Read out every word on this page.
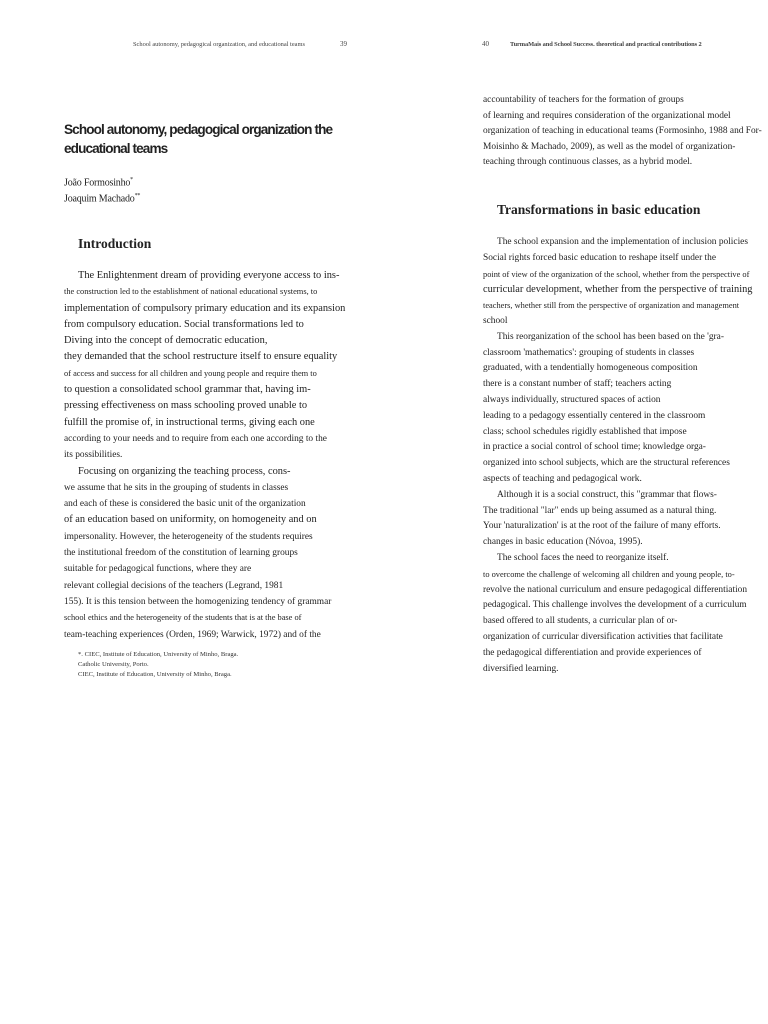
School autonomy, pedagogical organization, and educational teams	39
School autonomy, pedagogical organization the educational teams
João Formosinho*
Joaquim Machado**
Introduction
The Enlightenment dream of providing everyone access to ins-
the construction led to the establishment of national educational systems, to
implementation of compulsory primary education and its expansion
from compulsory education. Social transformations led to
Diving into the concept of democratic education,
they demanded that the school restructure itself to ensure equality
of access and success for all children and young people and require them to
to question a consolidated school grammar that, having im-
pressing effectiveness on mass schooling proved unable to
fulfill the promise of, in instructional terms, giving each one
according to your needs and to require from each one according to the
its possibilities.
Focusing on organizing the teaching process, cons-
we assume that he sits in the grouping of students in classes
and each of these is considered the basic unit of the organization
of an education based on uniformity, on homogeneity and on
impersonality. However, the heterogeneity of the students requires
the institutional freedom of the constitution of learning groups
suitable for pedagogical functions, where they are
relevant collegial decisions of the teachers (Legrand, 1981
155). It is this tension between the homogenizing tendency of grammar
school ethics and the heterogeneity of the students that is at the base of
team-teaching experiences (Orden, 1969; Warwick, 1972) and of the
*. CIEC, Institute of Education, University of Minho, Braga.
Catholic University, Porto.
CIEC, Institute of Education, University of Minho, Braga.
40	TurmaMais and School Success. theoretical and practical contributions 2
accountability of teachers for the formation of groups
of learning and requires consideration of the organizational model
organization of teaching in educational teams (Formosinho, 1988 and For-
Moisinho & Machado, 2009), as well as the model of organization-
teaching through continuous classes, as a hybrid model.
Transformations in basic education
The school expansion and the implementation of inclusion policies
Social rights forced basic education to reshape itself under the
point of view of the organization of the school, whether from the perspective of
curricular development, whether from the perspective of training
teachers, whether still from the perspective of organization and management
school
This reorganization of the school has been based on the 'gra-
classroom 'mathematics': grouping of students in classes
graduated, with a tendentially homogeneous composition
there is a constant number of staff; teachers acting
always individually, structured spaces of action
leading to a pedagogy essentially centered in the classroom
class; school schedules rigidly established that impose
in practice a social control of school time; knowledge orga-
organized into school subjects, which are the structural references
aspects of teaching and pedagogical work.
Although it is a social construct, this "grammar that flows-
The traditional "lar" ends up being assumed as a natural thing.
Your 'naturalization' is at the root of the failure of many efforts.
changes in basic education (Nóvoa, 1995).
The school faces the need to reorganize itself.
to overcome the challenge of welcoming all children and young people, to-
revolve the national curriculum and ensure pedagogical differentiation
pedagogical. This challenge involves the development of a curriculum
based offered to all students, a curricular plan of or-
organization of curricular diversification activities that facilitate
the pedagogical differentiation and provide experiences of
diversified learning.
